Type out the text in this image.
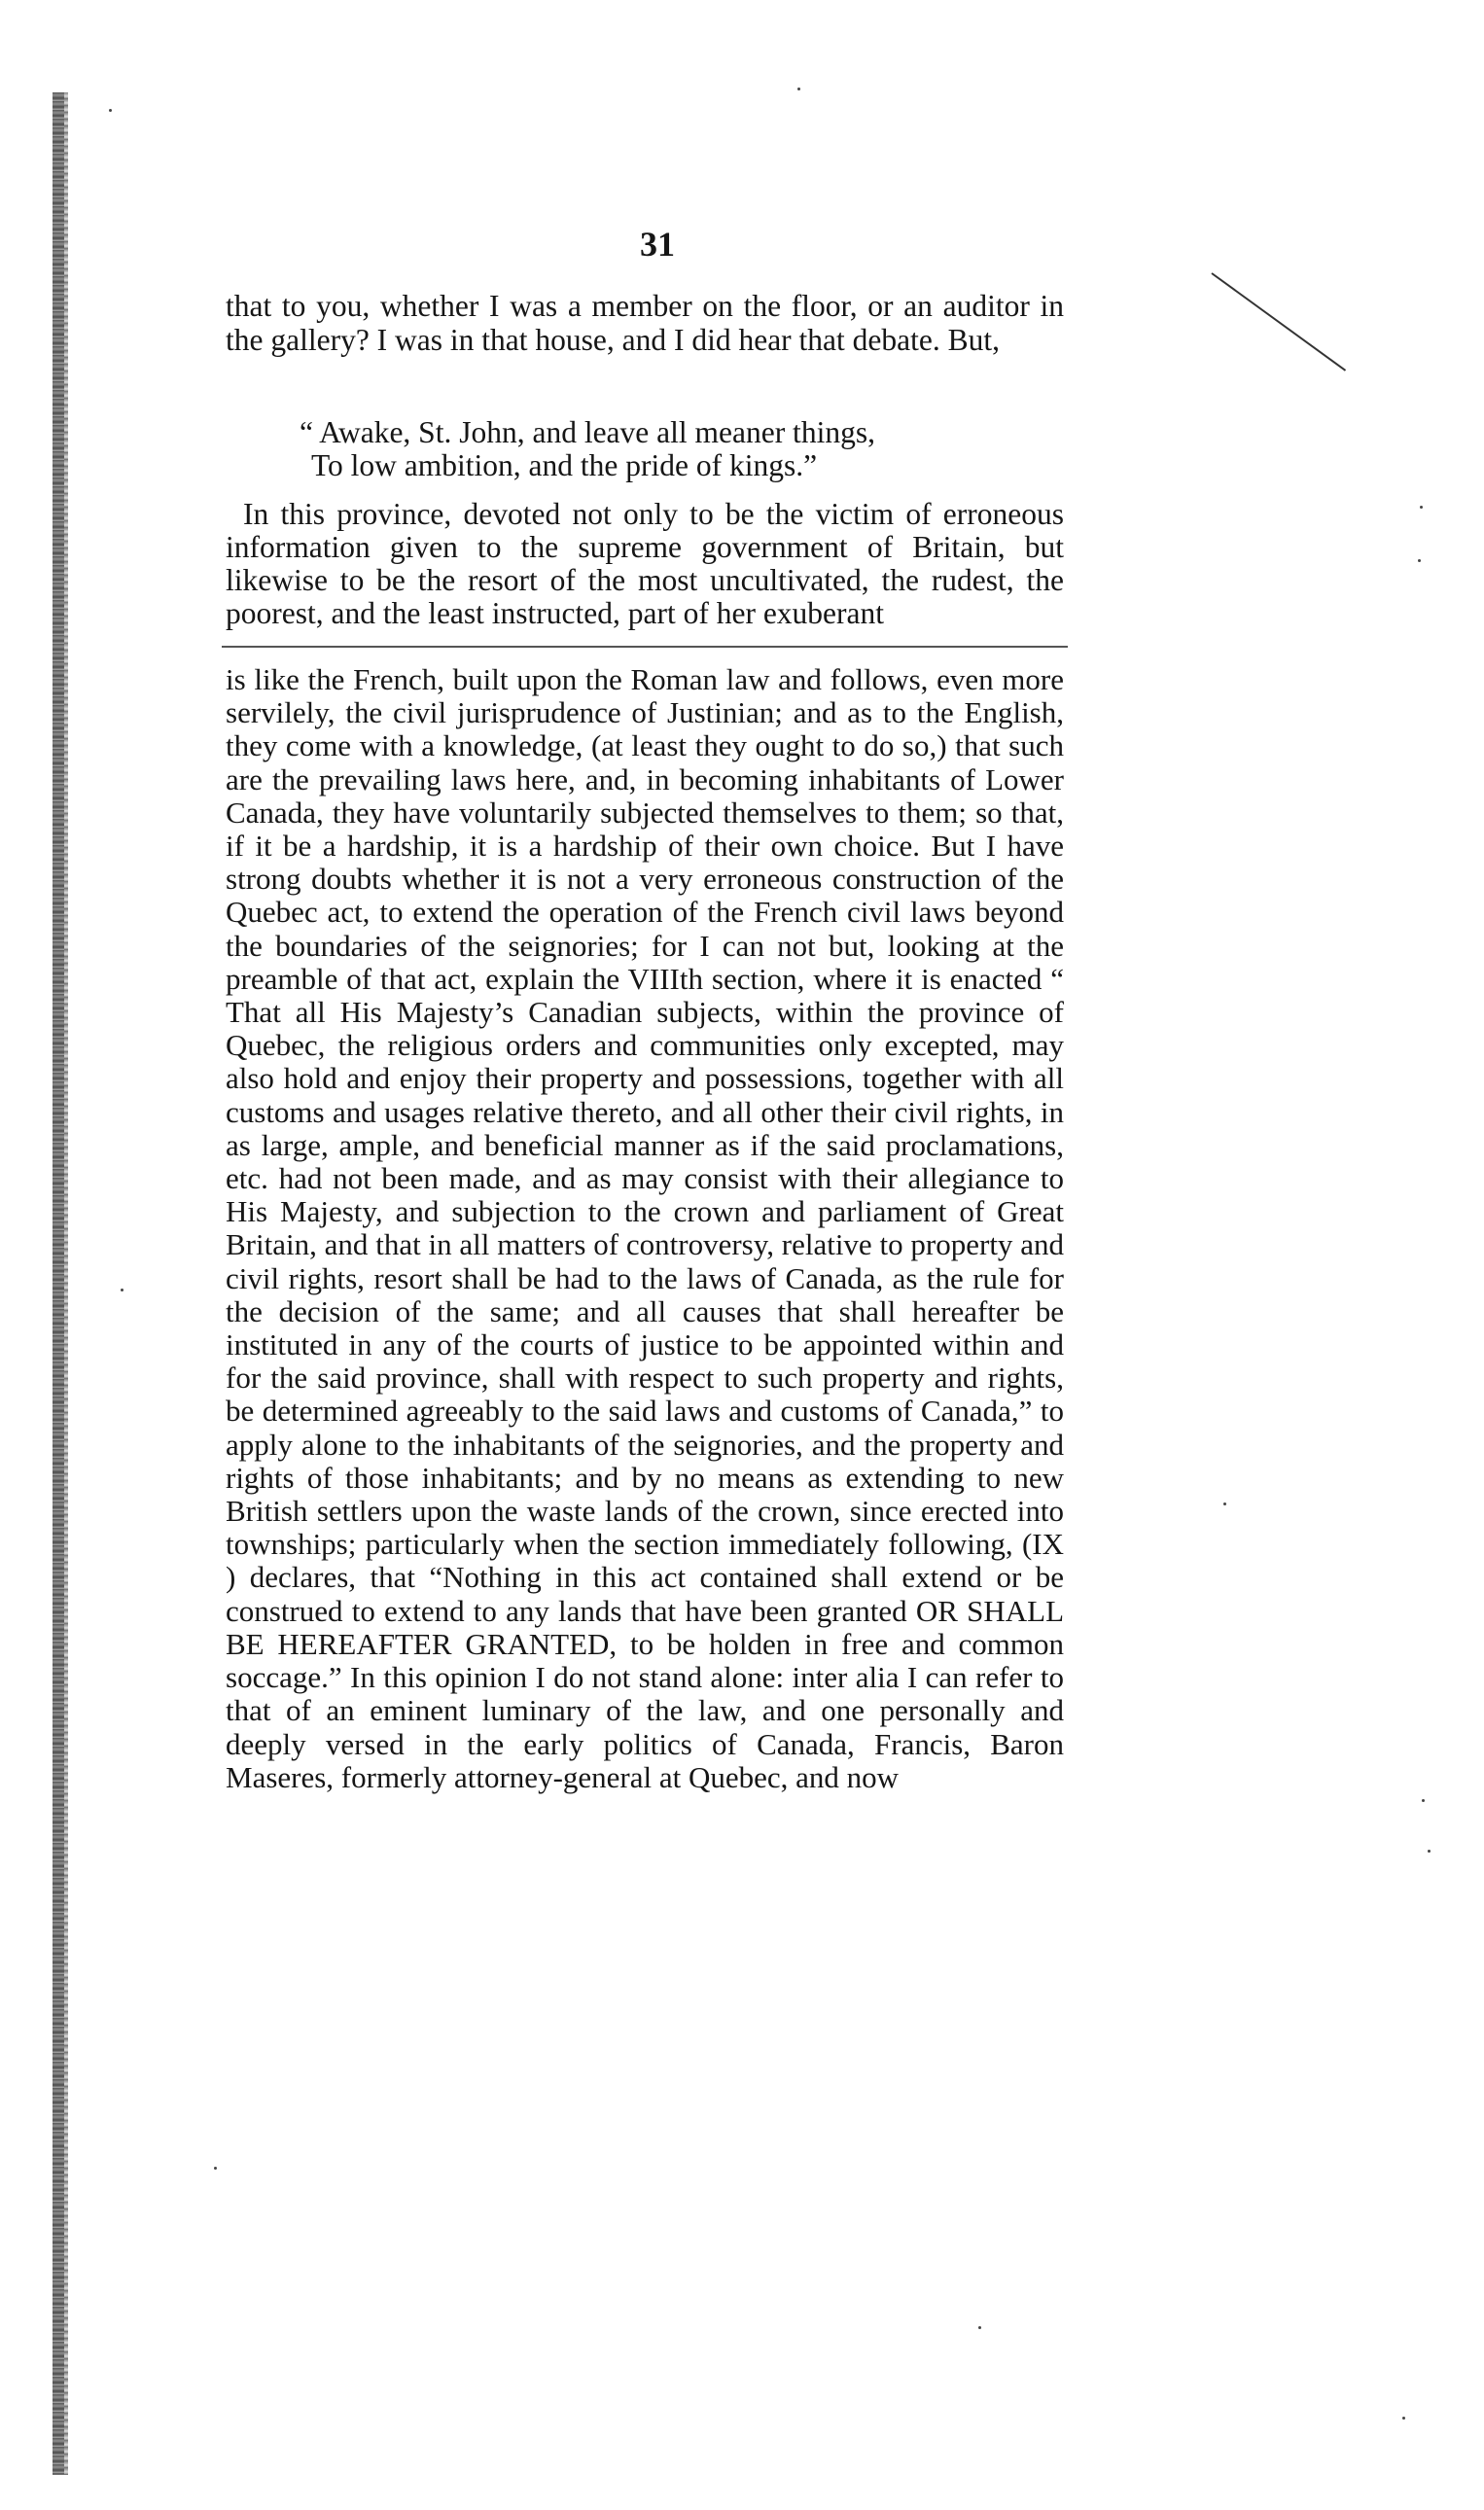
31

that to you, whether I was a member on the floor, or an auditor in the gallery? I was in that house, and I did hear that debate. But,

“ Awake, St. John, and leave all meaner things,
To low ambition, and the pride of kings.”

In this province, devoted not only to be the victim of erroneous information given to the supreme government of Britain, but likewise to be the resort of the most uncultivated, the rudest, the poorest, and the least instructed, part of her exuberant

is like the French, built upon the Roman law and follows, even more servilely, the civil jurisprudence of Justinian; and as to the English, they come with a knowledge, (at least they ought to do so,) that such are the prevailing laws here, and, in becoming inhabitants of Lower Canada, they have voluntarily subjected themselves to them; so that, if it be a hardship, it is a hardship of their own choice. But I have strong doubts whether it is not a very erroneous construction of the Quebec act, to extend the operation of the French civil laws beyond the boundaries of the seignories; for I can not but, looking at the preamble of that act, explain the VIIIth section, where it is enacted “ That all His Majesty’s Canadian subjects, within the province of Quebec, the religious orders and communities only excepted, may also hold and enjoy their property and possessions, together with all customs and usages relative thereto, and all other their civil rights, in as large, ample, and beneficial manner as if the said proclamations, etc. had not been made, and as may consist with their allegiance to His Majesty, and subjection to the crown and parliament of Great Britain, and that in all matters of controversy, relative to property and civil rights, resort shall be had to the laws of Canada, as the rule for the decision of the same; and all causes that shall hereafter be instituted in any of the courts of justice to be appointed within and for the said province, shall with respect to such property and rights, be determined agreeably to the said laws and customs of Canada,” to apply alone to the inhabitants of the seignories, and the property and rights of those inhabitants; and by no means as extending to new British settlers upon the waste lands of the crown, since erected into townships; particularly when the section immediately following, (IX ) declares, that “Nothing in this act contained shall extend or be construed to extend to any lands that have been granted OR SHALL BE HEREAFTER GRANTED, to be holden in free and common soccage.” In this opinion I do not stand alone: inter alia I can refer to that of an eminent luminary of the law, and one personally and deeply versed in the early politics of Canada, Francis, Baron Maseres, formerly attorney-general at Quebec, and now
